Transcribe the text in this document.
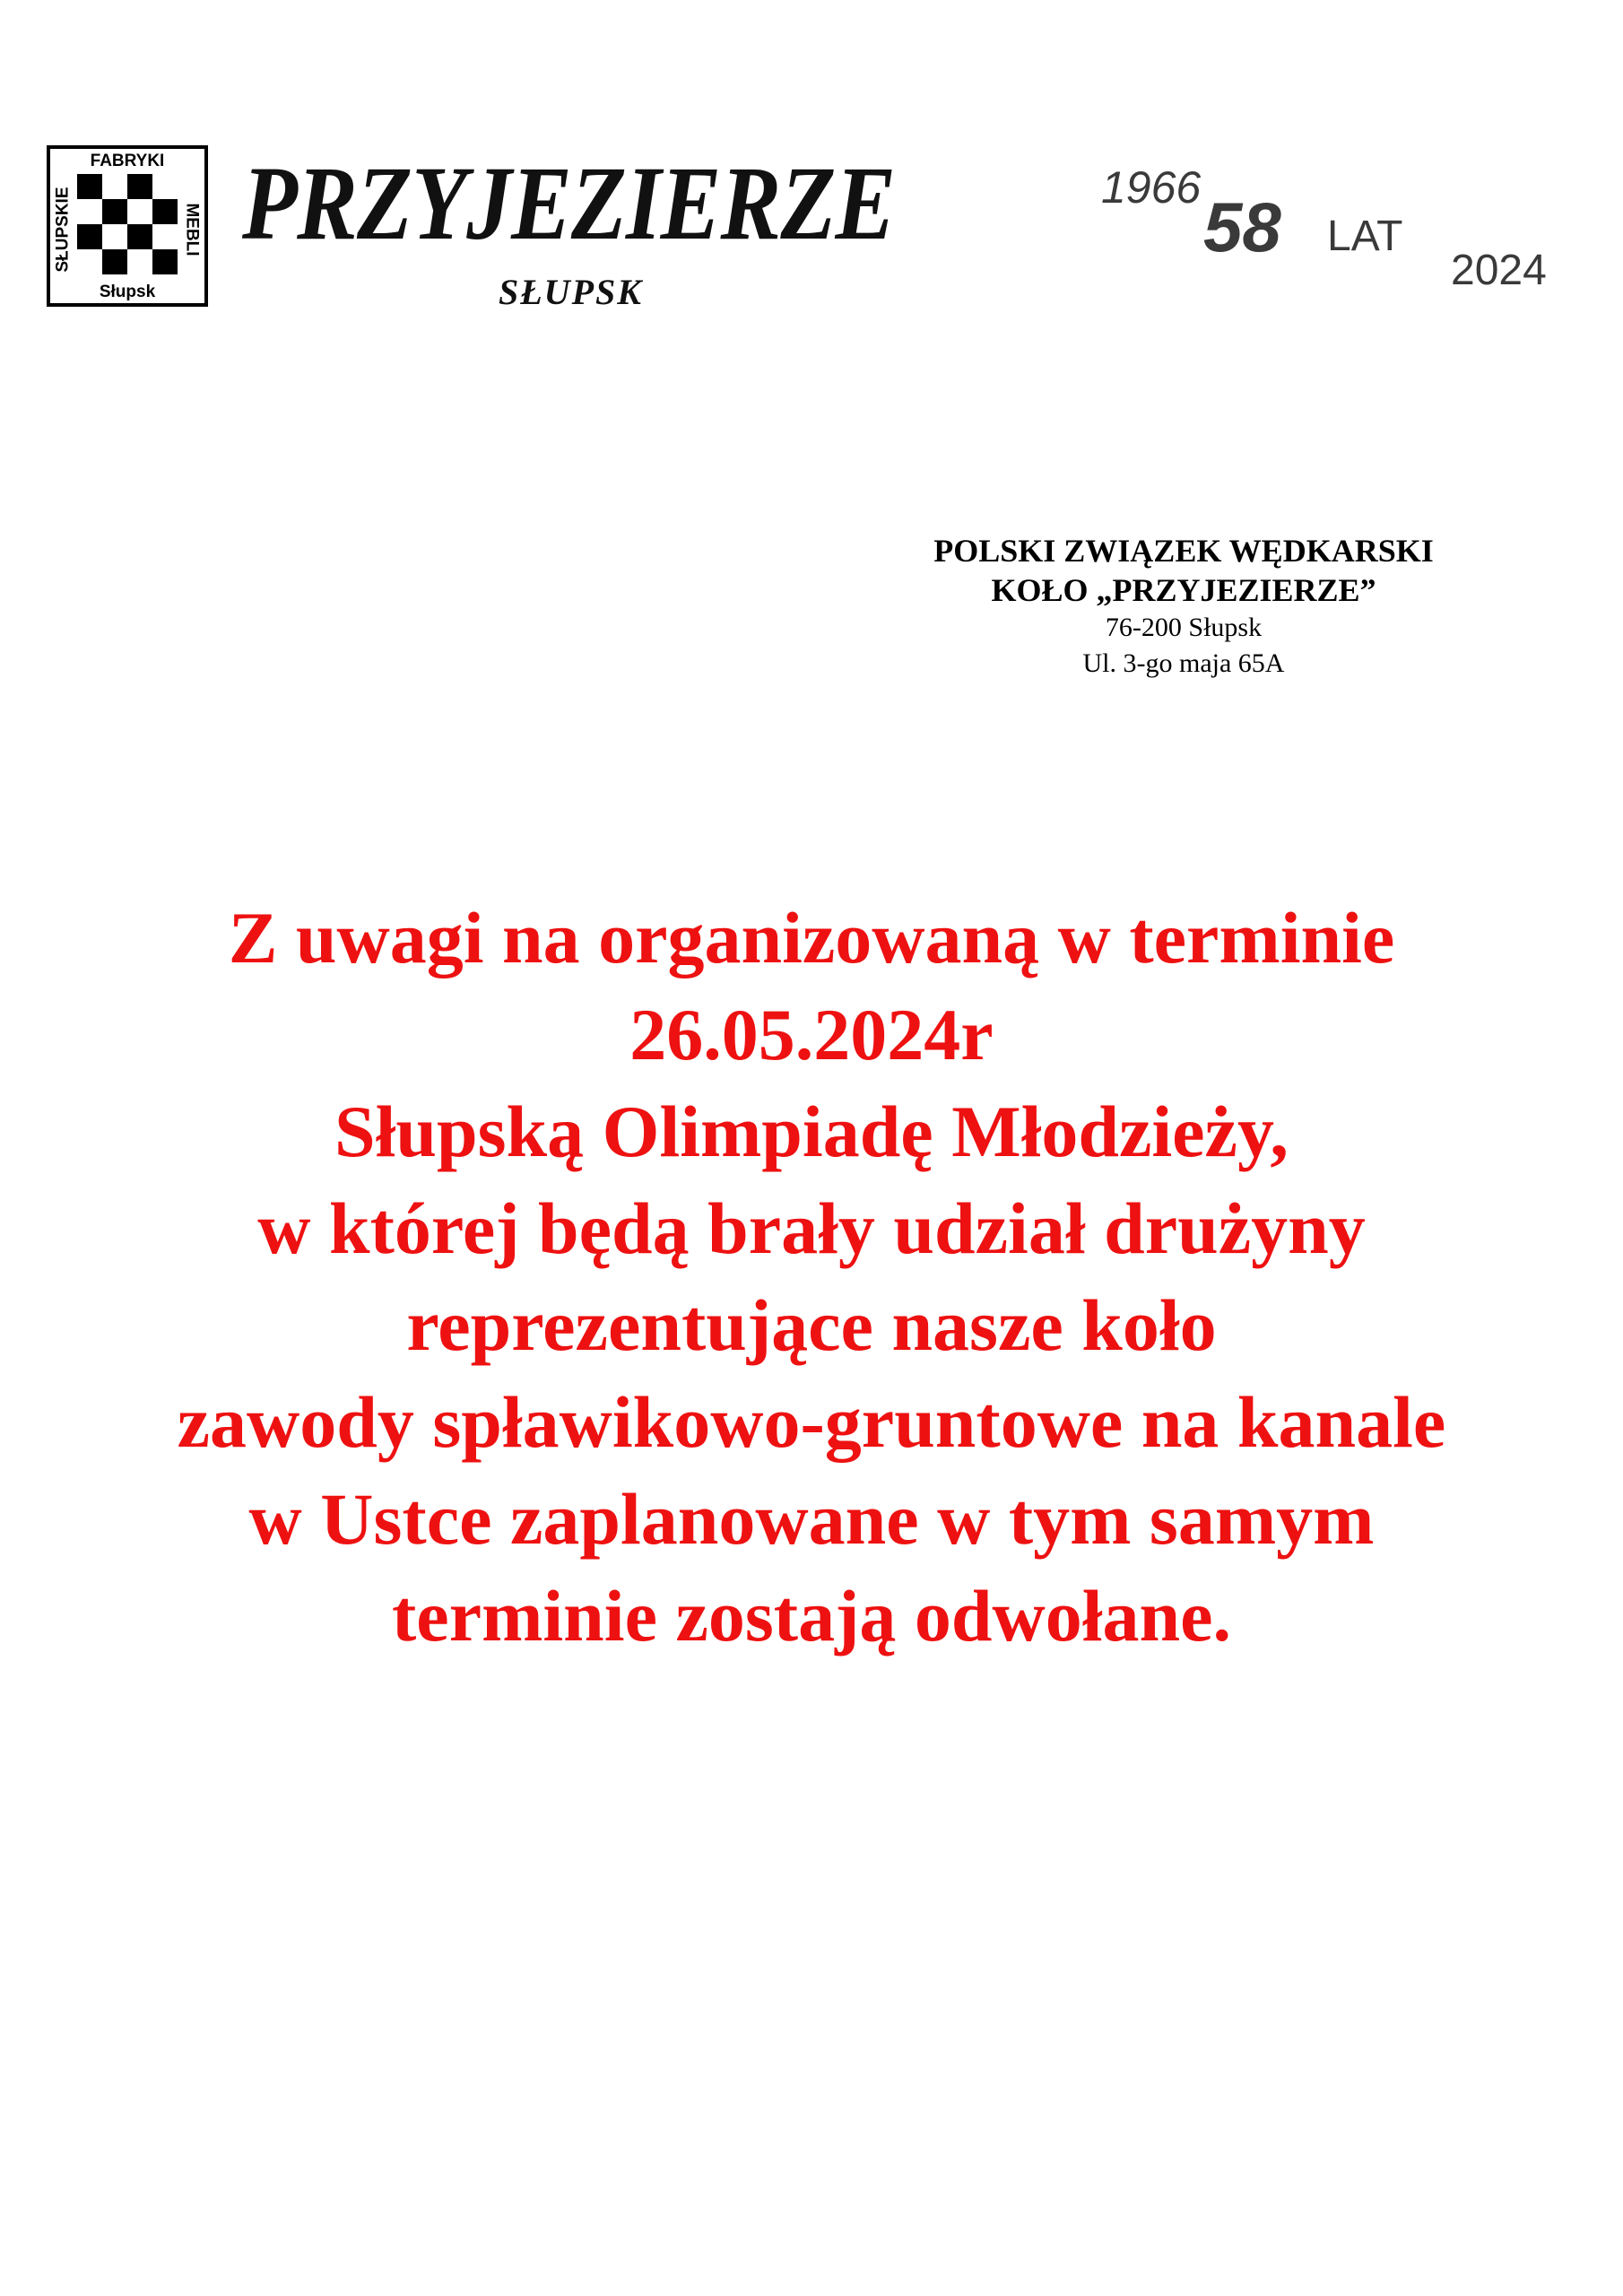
FABRYKI
SŁUPSKIE	MEBLI
Słupsk
PRZYJEZIERZE
SŁUPSK
1966 58 LAT
2024
POLSKI ZWIĄZEK WĘDKARSKI
KOŁO „PRZYJEZIERZE”
76-200 Słupsk
Ul. 3-go maja 65A
Z uwagi na organizowaną w terminie
26.05.2024r
Słupską Olimpiadę Młodzieży,
w której będą brały udział drużyny
reprezentujące nasze koło
zawody spławikowo-gruntowe na kanale
w Ustce zaplanowane w tym samym
terminie zostają odwołane.
